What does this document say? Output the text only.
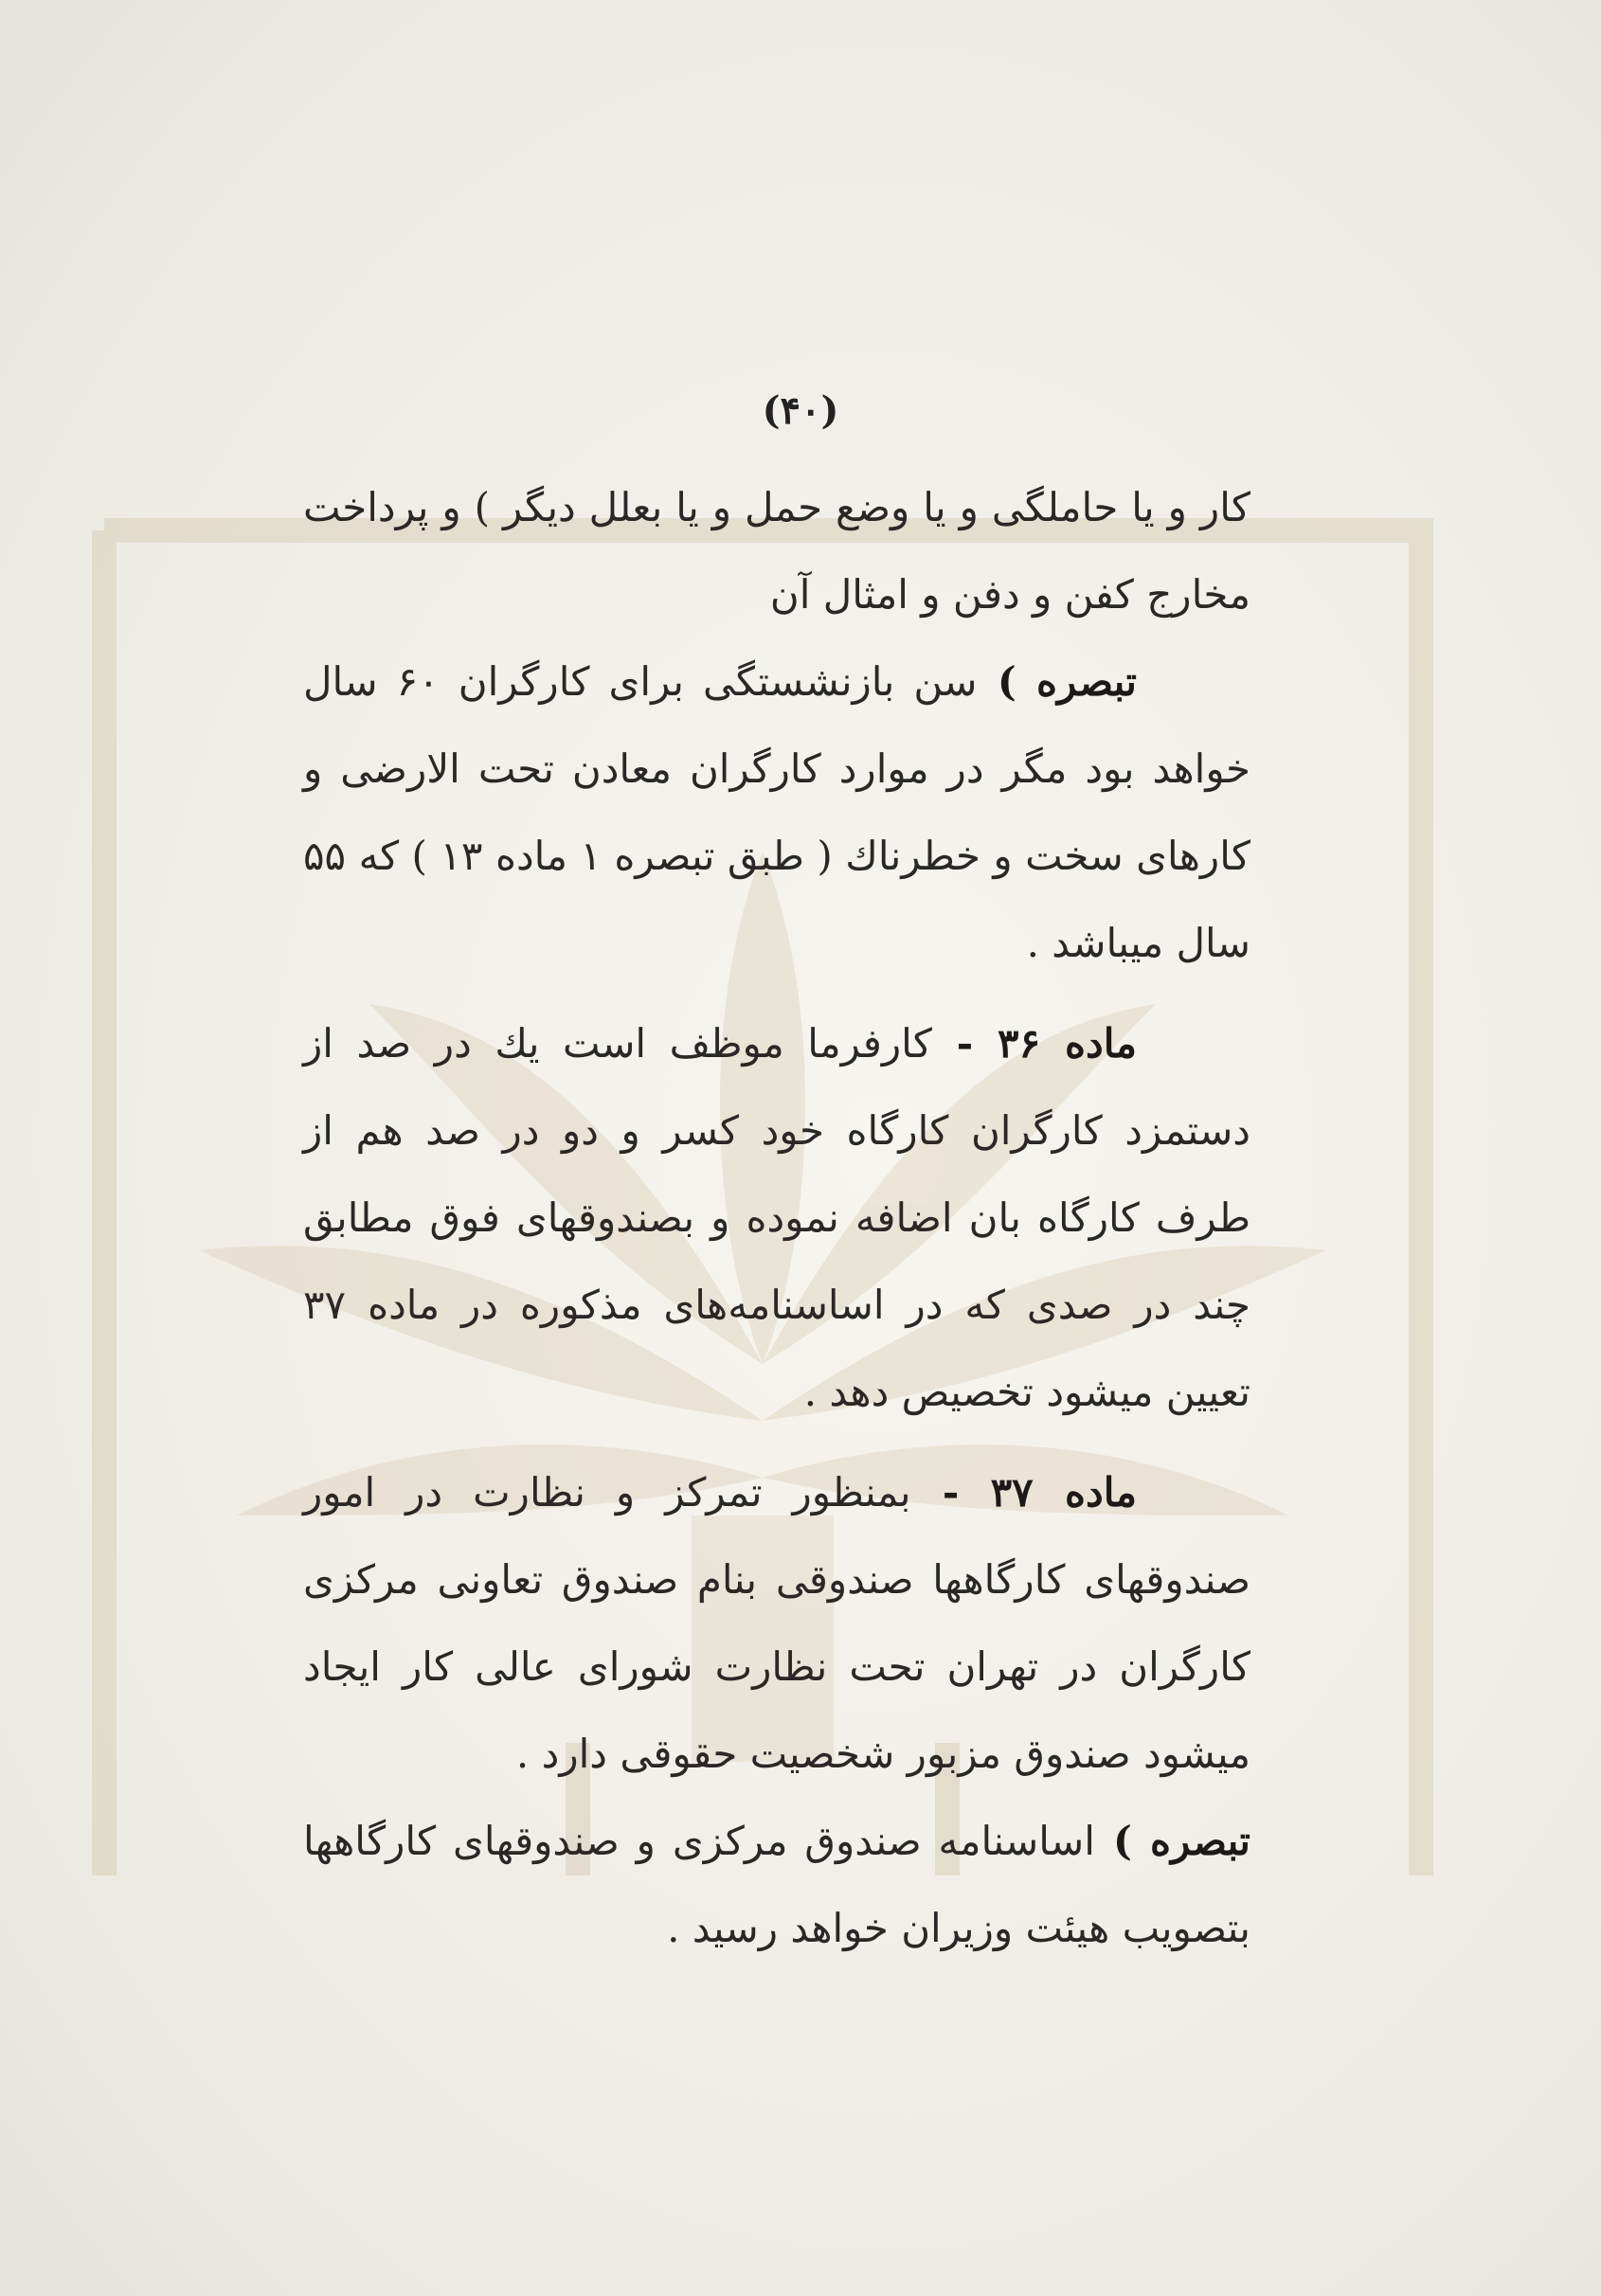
(۴۰)

کار و یا حاملگی و یا وضع حمل و یا بعلل دیگر ) و پرداخت مخارج کفن و دفن و امثال آن

تبصره ) سن بازنشستگی برای کارگران ۶۰ سال خواهد بود مگر در موارد کارگران معادن تحت الارضی و کارهای سخت و خطرناك ( طبق تبصره ۱ ماده ۱۳ ) که ۵۵ سال میباشد .

ماده ۳۶ - کارفرما موظف است یك در صد از دستمزد کارگران کارگاه خود کسر و دو در صد هم از طرف کارگاه بان اضافه نموده و بصندوقهای فوق مطابق چند در صدی که در اساسنامه‌های مذکوره در ماده ۳۷ تعیین میشود تخصیص دهد .

ماده ۳۷ - بمنظور تمرکز و نظارت در امور صندوقهای کارگاهها صندوقی بنام صندوق تعاونی مرکزی کارگران در تهران تحت نظارت شورای عالی کار ایجاد میشود صندوق مزبور شخصیت حقوقی دارد .

تبصره ) اساسنامه صندوق مرکزی و صندوقهای کارگاهها بتصویب هیئت وزیران خواهد رسید .
